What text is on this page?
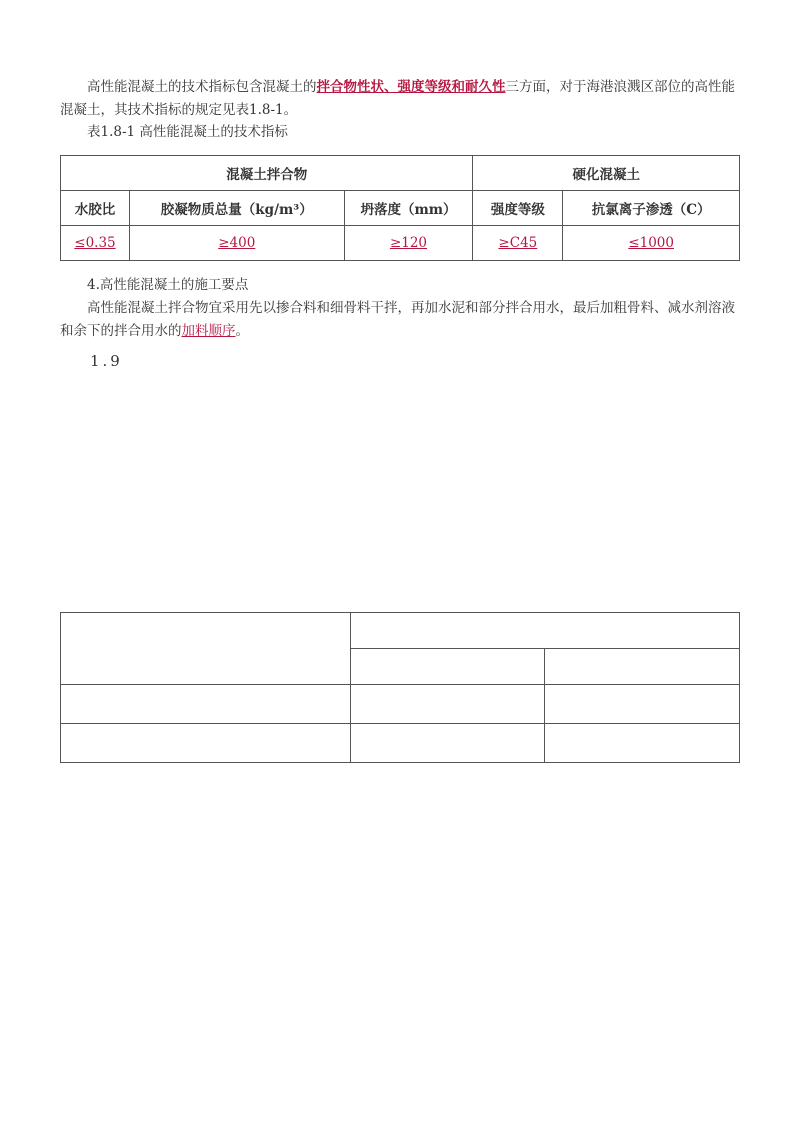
高性能混凝土的技术指标包含混凝土的拌合物性状、强度等级和耐久性三方面，对于海港浪溅区部位的高性能混凝土，其技术指标的规定见表1.8-1。

表1.8-1 高性能混凝土的技术指标
混凝土拌合物			硬化混凝土	
水胶比	胶凝物质总量（kg/m³）	坍落度（mm）	强度等级	抗氯离子渗透（C）
≤0.35	≥400	≥120	≥C45	≤1000

4.高性能混凝土的施工要点

高性能混凝土拌合物宜采用先以掺合料和细骨料干拌，再加水泥和部分拌合用水，最后加粗骨料、减水剂溶液和余下的拌合用水的加料顺序。

1.9
